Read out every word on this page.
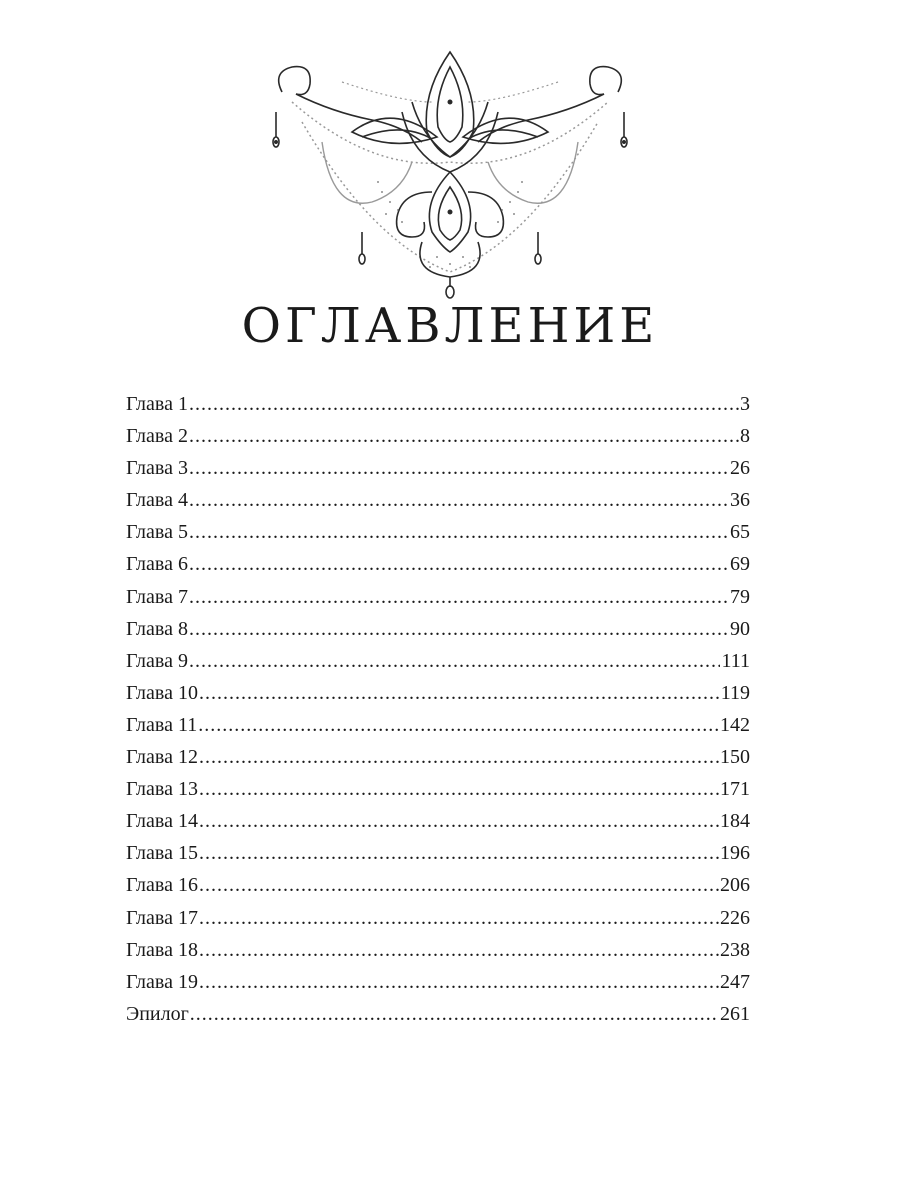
ОГЛАВЛЕНИЕ
Глава 1 .....	3
Глава 2 .....	8
Глава 3 .....	26
Глава 4 .....	36
Глава 5 .....	65
Глава 6 .....	69
Глава 7 .....	79
Глава 8 .....	90
Глава 9 .....	111
Глава 10 .....	119
Глава 11 .....	142
Глава 12 .....	150
Глава 13 .....	171
Глава 14 .....	184
Глава 15 .....	196
Глава 16 .....	206
Глава 17 .....	226
Глава 18 .....	238
Глава 19 .....	247
Эпилог .....	261
